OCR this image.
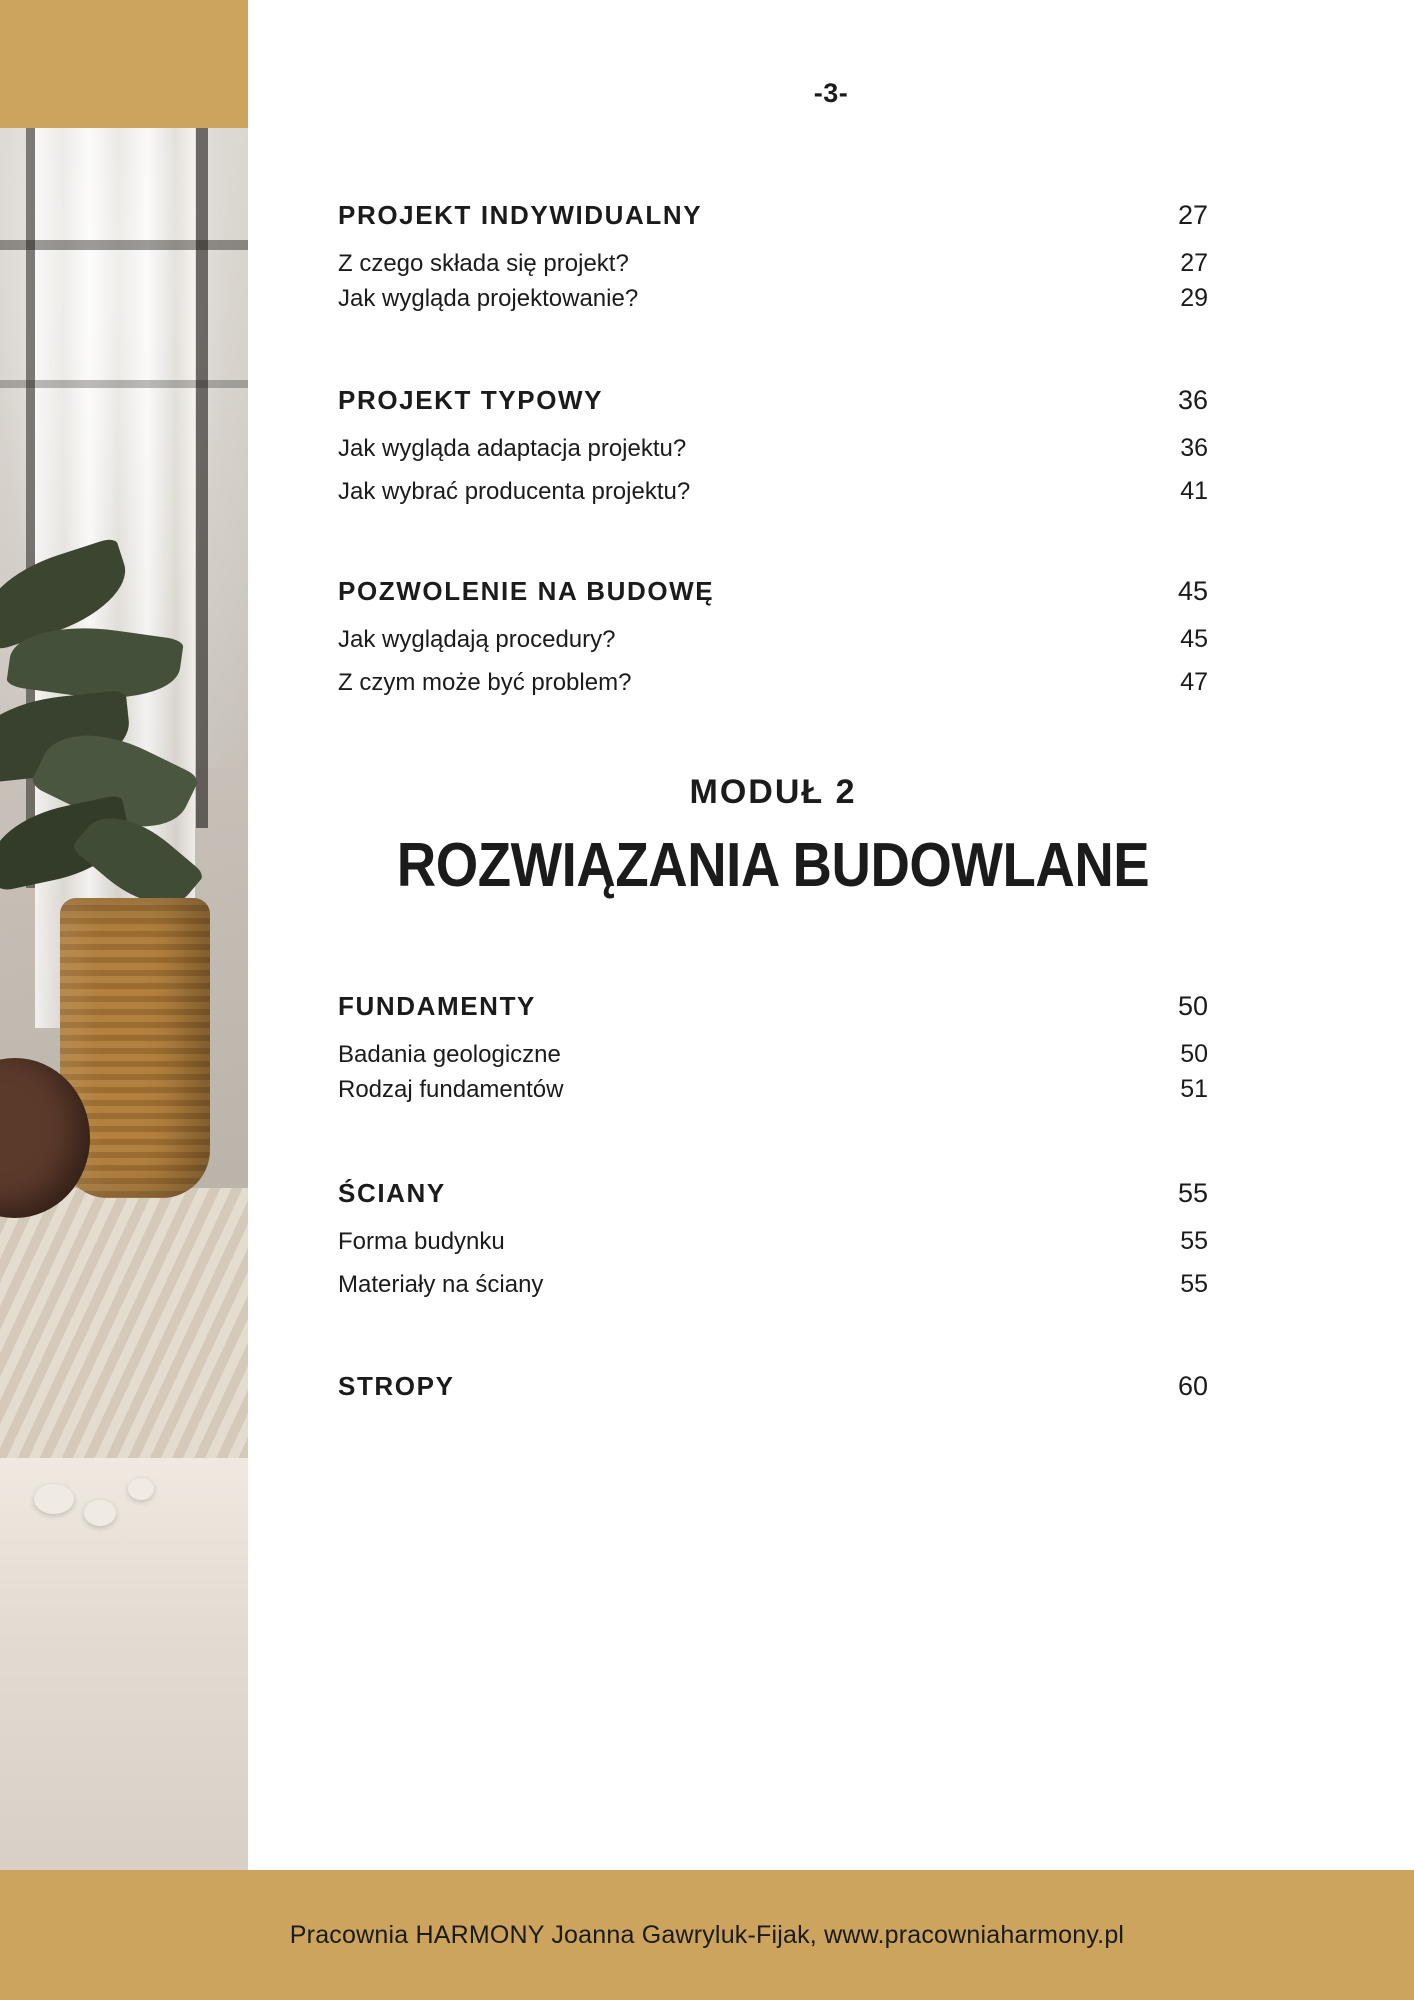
-3-
PROJEKT INDYWIDUALNY	27
Z czego składa się projekt?	27
Jak wygląda projektowanie?	29
PROJEKT TYPOWY	36
Jak wygląda adaptacja projektu?	36
Jak wybrać producenta projektu?	41
POZWOLENIE NA BUDOWĘ	45
Jak wyglądają procedury?	45
Z czym może być problem?	47
MODUŁ 2
ROZWIĄZANIA BUDOWLANE
FUNDAMENTY	50
Badania geologiczne	50
Rodzaj fundamentów	51
ŚCIANY	55
Forma budynku	55
Materiały na ściany	55
STROPY	60
Pracownia HARMONY Joanna Gawryluk-Fijak, www.pracowniaharmony.pl
